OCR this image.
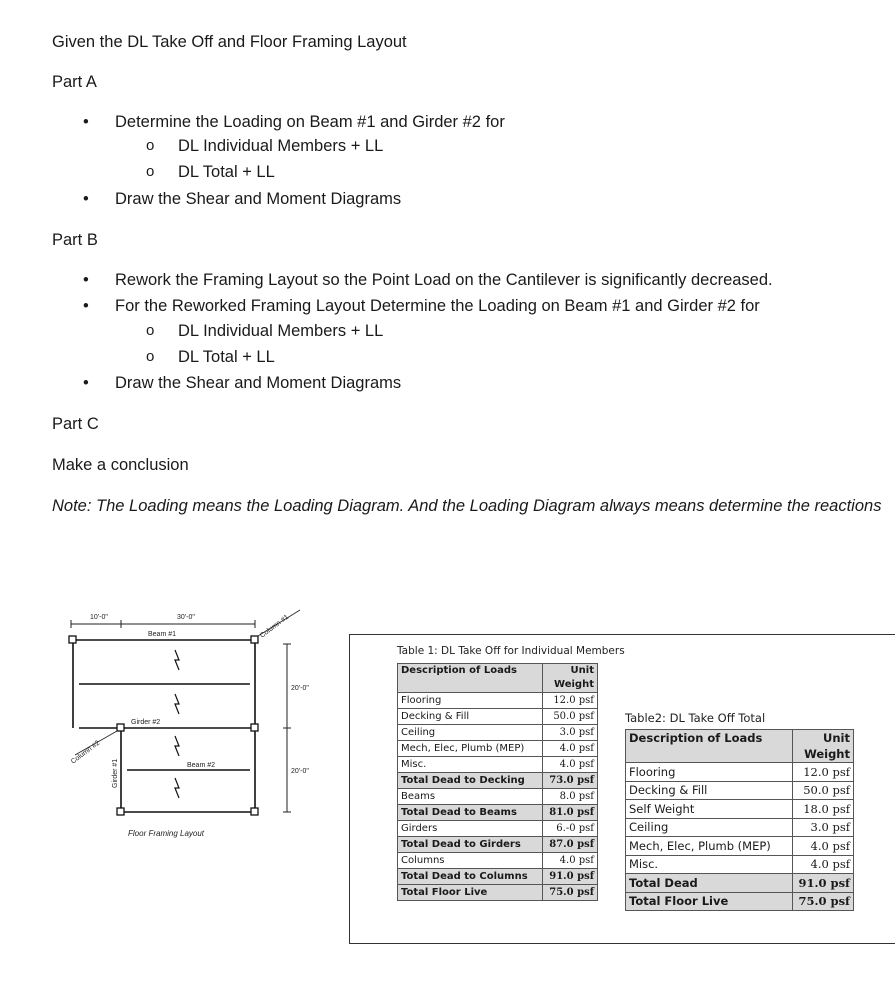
Given the DL Take Off and Floor Framing Layout
Part A
Determine the Loading on Beam #1 and Girder #2 for
o DL Individual Members + LL
o DL Total + LL
Draw the Shear and Moment Diagrams
Part B
Rework the Framing Layout so the Point Load on the Cantilever is significantly decreased.
For the Reworked Framing Layout Determine the Loading on Beam #1 and Girder #2 for
o DL Individual Members + LL
o DL Total + LL
Draw the Shear and Moment Diagrams
Part C
Make a conclusion
Note: The Loading means the Loading Diagram. And the Loading Diagram always means determine the reactions
10'-0"	30'-0"
20'-0"
20'-0"
Beam #1
Beam #2
Girder #2
Girder #1
Column #1
Column #2
Floor Framing Layout
Table 1: DL Take Off for Individual Members
Description of Loads	Unit
Weight
Flooring	12.0 psf
Decking & Fill	50.0 psf
Ceiling	3.0 psf
Mech, Elec, Plumb (MEP)	4.0 psf
Misc.	4.0 psf
Total Dead to Decking	73.0 psf
Beams	8.0 psf
Total Dead to Beams	81.0 psf
Girders	6.-0 psf
Total Dead to Girders	87.0 psf
Columns	4.0 psf
Total Dead to Columns	91.0 psf
Total Floor Live	75.0 psf
Table2: DL Take Off Total
Description of Loads	Unit
Weight
Flooring	12.0 psf
Decking & Fill	50.0 psf
Self Weight	18.0 psf
Ceiling	3.0 psf
Mech, Elec, Plumb (MEP)	4.0 psf
Misc.	4.0 psf
Total Dead	91.0 psf
Total Floor Live	75.0 psf
